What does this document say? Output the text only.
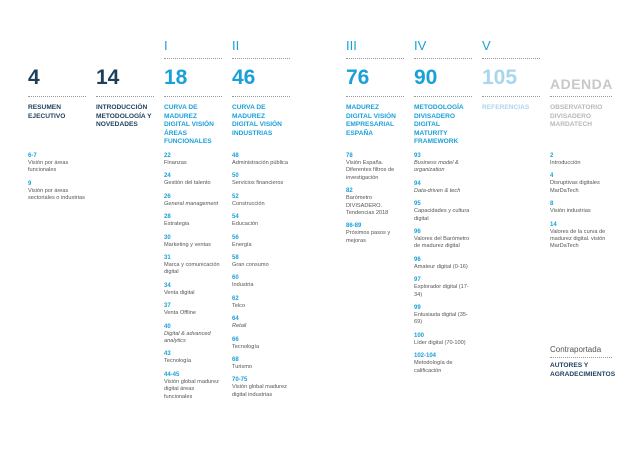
4
RESUMEN EJECUTIVO
6-7
Visión por áreas funcionales
9
Visión por áreas sectoriales o industrias
14
INTRODUCCIÓN METODOLOGÍA Y NOVEDADES
I
18
CURVA DE MADUREZ DIGITAL VISIÓN ÁREAS FUNCIONALES
22
Finanzas
24
Gestión del talento
26
General management
28
Estrategia
30
Marketing y ventas
31
Marca y comunicación digital
34
Venta digital
37
Venta Offline
40
Digital & advanced analytics
43
Tecnología
44-45
Visión global madurez digital áreas funcionales
II
46
CURVA DE MADUREZ DIGITAL VISIÓN INDUSTRIAS
48
Administración pública
50
Servicios financieros
52
Construcción
54
Educación
56
Energía
58
Gran consumo
60
Industria
62
Telco
64
Retail
66
Tecnología
68
Turismo
70-75
Visión global madurez digital industrias
III
76
MADUREZ DIGITAL VISIÓN EMPRESARIAL ESPAÑA
78
Visión España. Diferentes filtros de investigación
82
Barómetro DIVISADERO. Tendencias 2018
86-89
Próximos pasos y mejoras
IV
90
METODOLOGÍA DIVISADERO DIGITAL MATURITY FRAMEWORK
93
Business model & organization
94
Data-driven & tech
95
Capacidades y cultura digital
96
Valores del Barómetro de madurez digital
96
Amateur digital (0-16)
97
Explorador digital (17-34)
99
Entusiasta digital (35-69)
100
Líder digital (70-100)
102-104
Metodología de calificación
V
105
REFERENCIAS
ADENDA
OBSERVATORIO DIVISADERO MARDATECH
2
Introducción
4
Disruptivas digitales MarDaTech
8
Visión industrias
14
Valores de la curva de madurez digital. visión MarDaTech
Contraportada
AUTORES Y AGRADECIMIENTOS
